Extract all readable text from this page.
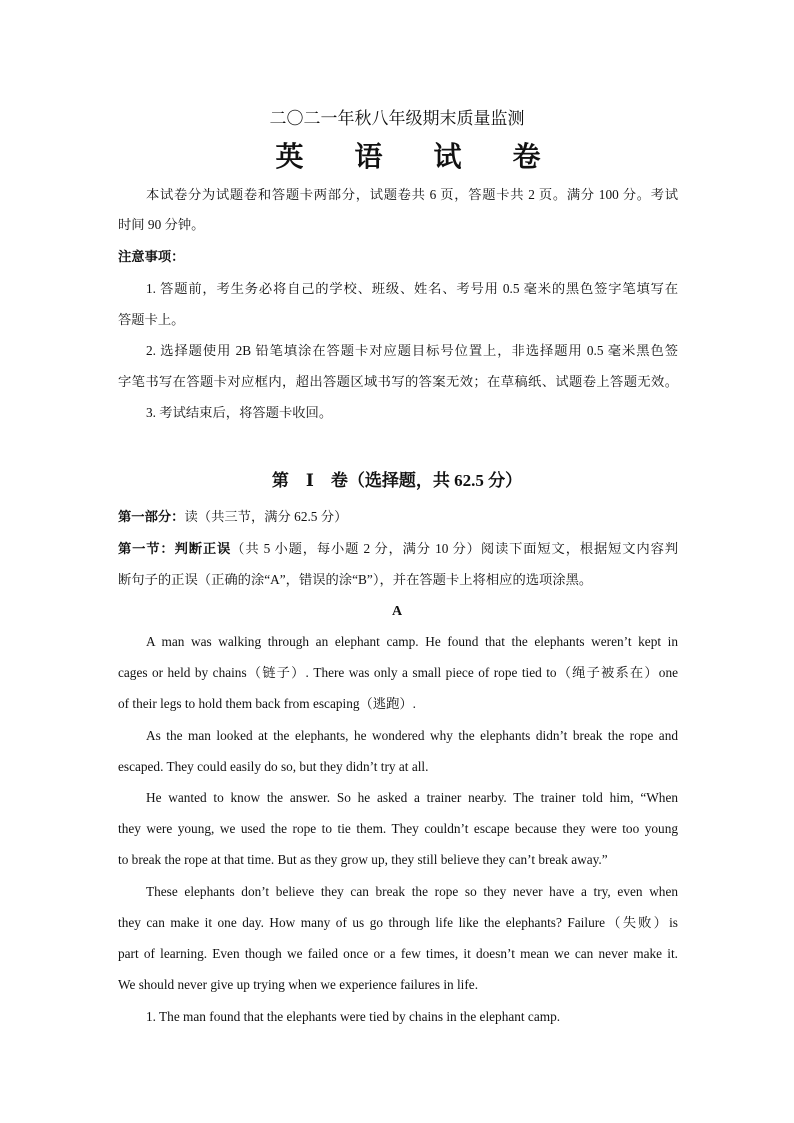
二〇二一年秋八年级期末质量监测
英 语 试 卷
本试卷分为试题卷和答题卡两部分，试题卷共 6 页，答题卡共 2 页。满分 100 分。考试
时间 90 分钟。
注意事项：
1. 答题前，考生务必将自己的学校、班级、姓名、考号用 0.5 毫米的黑色签字笔填写在
答题卡上。
2. 选择题使用 2B 铅笔填涂在答题卡对应题目标号位置上，非选择题用 0.5 毫米黑色签
字笔书写在答题卡对应框内，超出答题区域书写的答案无效；在草稿纸、试题卷上答题无效。
3. 考试结束后，将答题卡收回。
第　Ⅰ　卷（选择题，共 62.5 分）
第一部分：读（共三节，满分 62.5 分）
第一节：判断正误（共 5 小题，每小题 2 分，满分 10 分）阅读下面短文，根据短文内容判
断句子的正误（正确的涂“A”，错误的涂“B”），并在答题卡上将相应的选项涂黑。
A
A man was walking through an elephant camp. He found that the elephants weren’t kept in
cages or held by chains（链子）. There was only a small piece of rope tied to（绳子被系在）one
of their legs to hold them back from escaping（逃跑）.
As the man looked at the elephants, he wondered why the elephants didn’t break the rope and
escaped. They could easily do so, but they didn’t try at all.
He wanted to know the answer. So he asked a trainer nearby. The trainer told him, “When
they were young, we used the rope to tie them. They couldn’t escape because they were too young
to break the rope at that time. But as they grow up, they still believe they can’t break away.”
These elephants don’t believe they can break the rope so they never have a try, even when
they can make it one day. How many of us go through life like the elephants? Failure（失败）is
part of learning. Even though we failed once or a few times, it doesn’t mean we can never make it.
We should never give up trying when we experience failures in life.
1. The man found that the elephants were tied by chains in the elephant camp.
